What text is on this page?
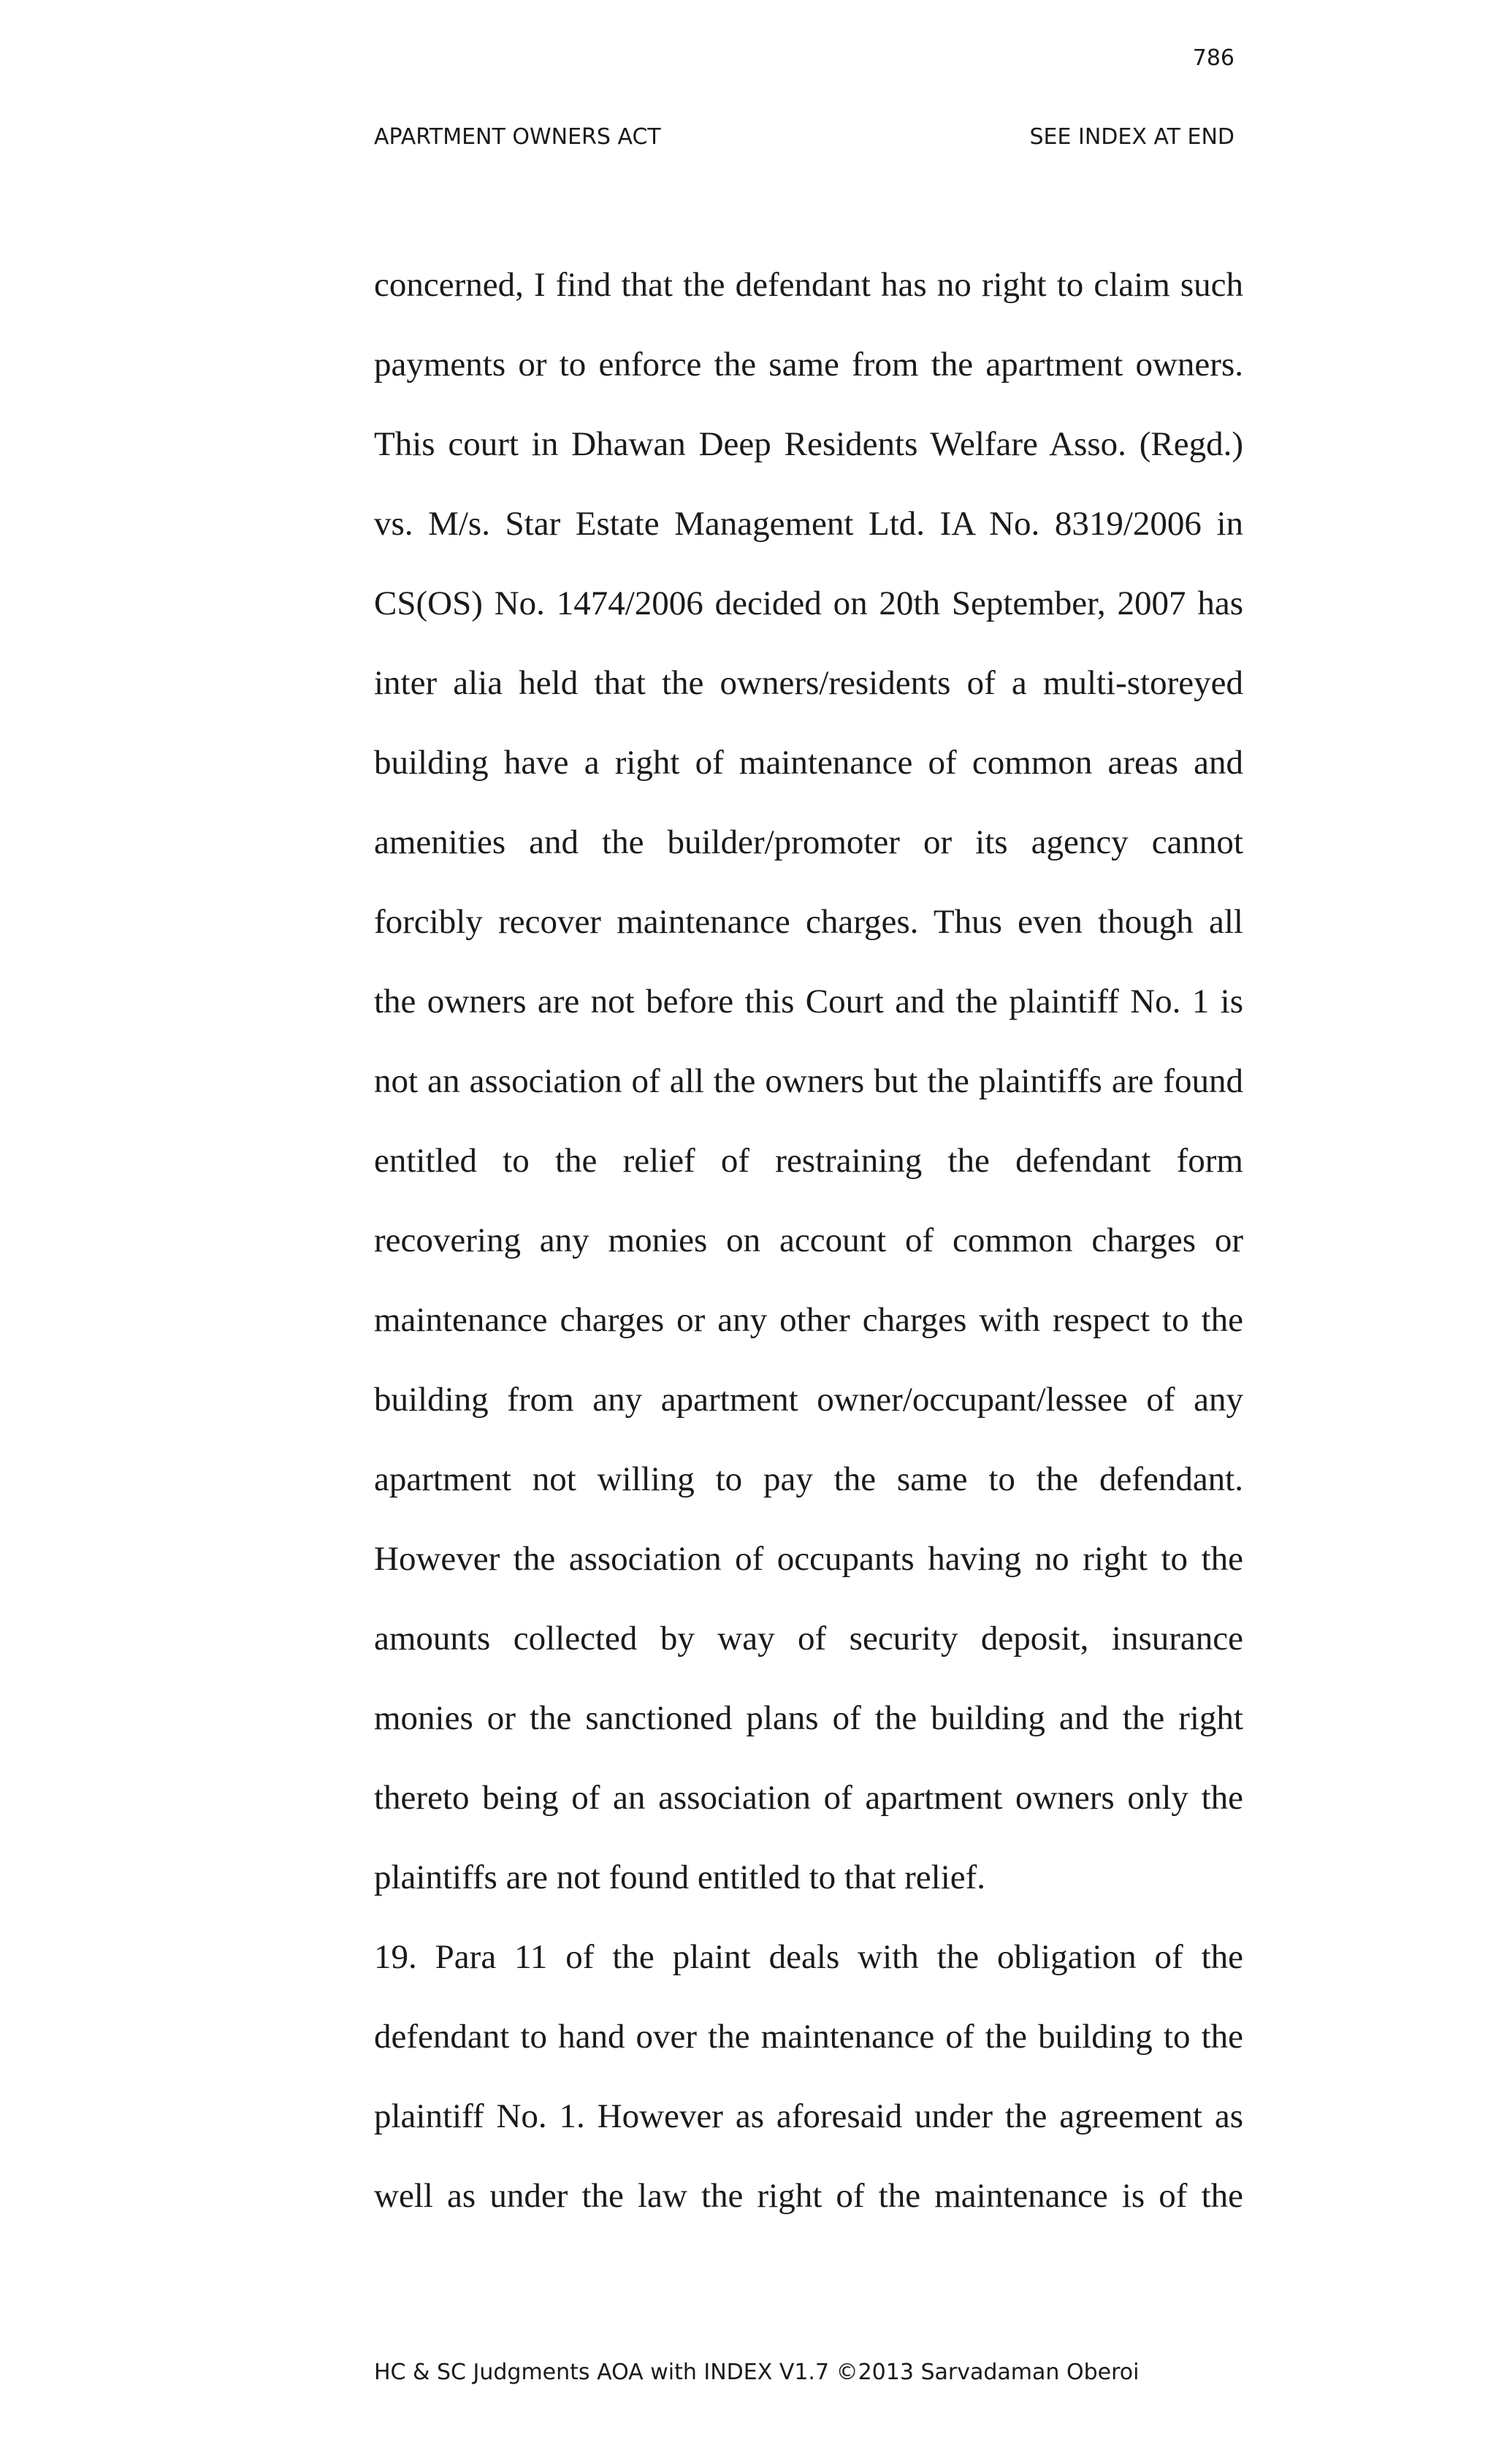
786
APARTMENT OWNERS ACT	SEE INDEX AT END
concerned, I find that the defendant has no right to claim such
payments or to enforce the same from the apartment owners.
This court in Dhawan Deep Residents Welfare Asso. (Regd.)
vs. M/s. Star Estate Management Ltd. IA No. 8319/2006 in
CS(OS) No. 1474/2006 decided on 20th September, 2007 has
inter alia held that the owners/residents of a multi-storeyed
building have a right of maintenance of common areas and
amenities and the builder/promoter or its agency cannot
forcibly recover maintenance charges. Thus even though all
the owners are not before this Court and the plaintiff No. 1 is
not an association of all the owners but the plaintiffs are found
entitled to the relief of restraining the defendant form
recovering any monies on account of common charges or
maintenance charges or any other charges with respect to the
building from any apartment owner/occupant/lessee of any
apartment not willing to pay the same to the defendant.
However the association of occupants having no right to the
amounts collected by way of security deposit, insurance
monies or the sanctioned plans of the building and the right
thereto being of an association of apartment owners only the
plaintiffs are not found entitled to that relief.
19. Para 11 of the plaint deals with the obligation of the
defendant to hand over the maintenance of the building to the
plaintiff No. 1. However as aforesaid under the agreement as
well as under the law the right of the maintenance is of the
HC & SC Judgments AOA with INDEX V1.7 ©2013 Sarvadaman Oberoi
